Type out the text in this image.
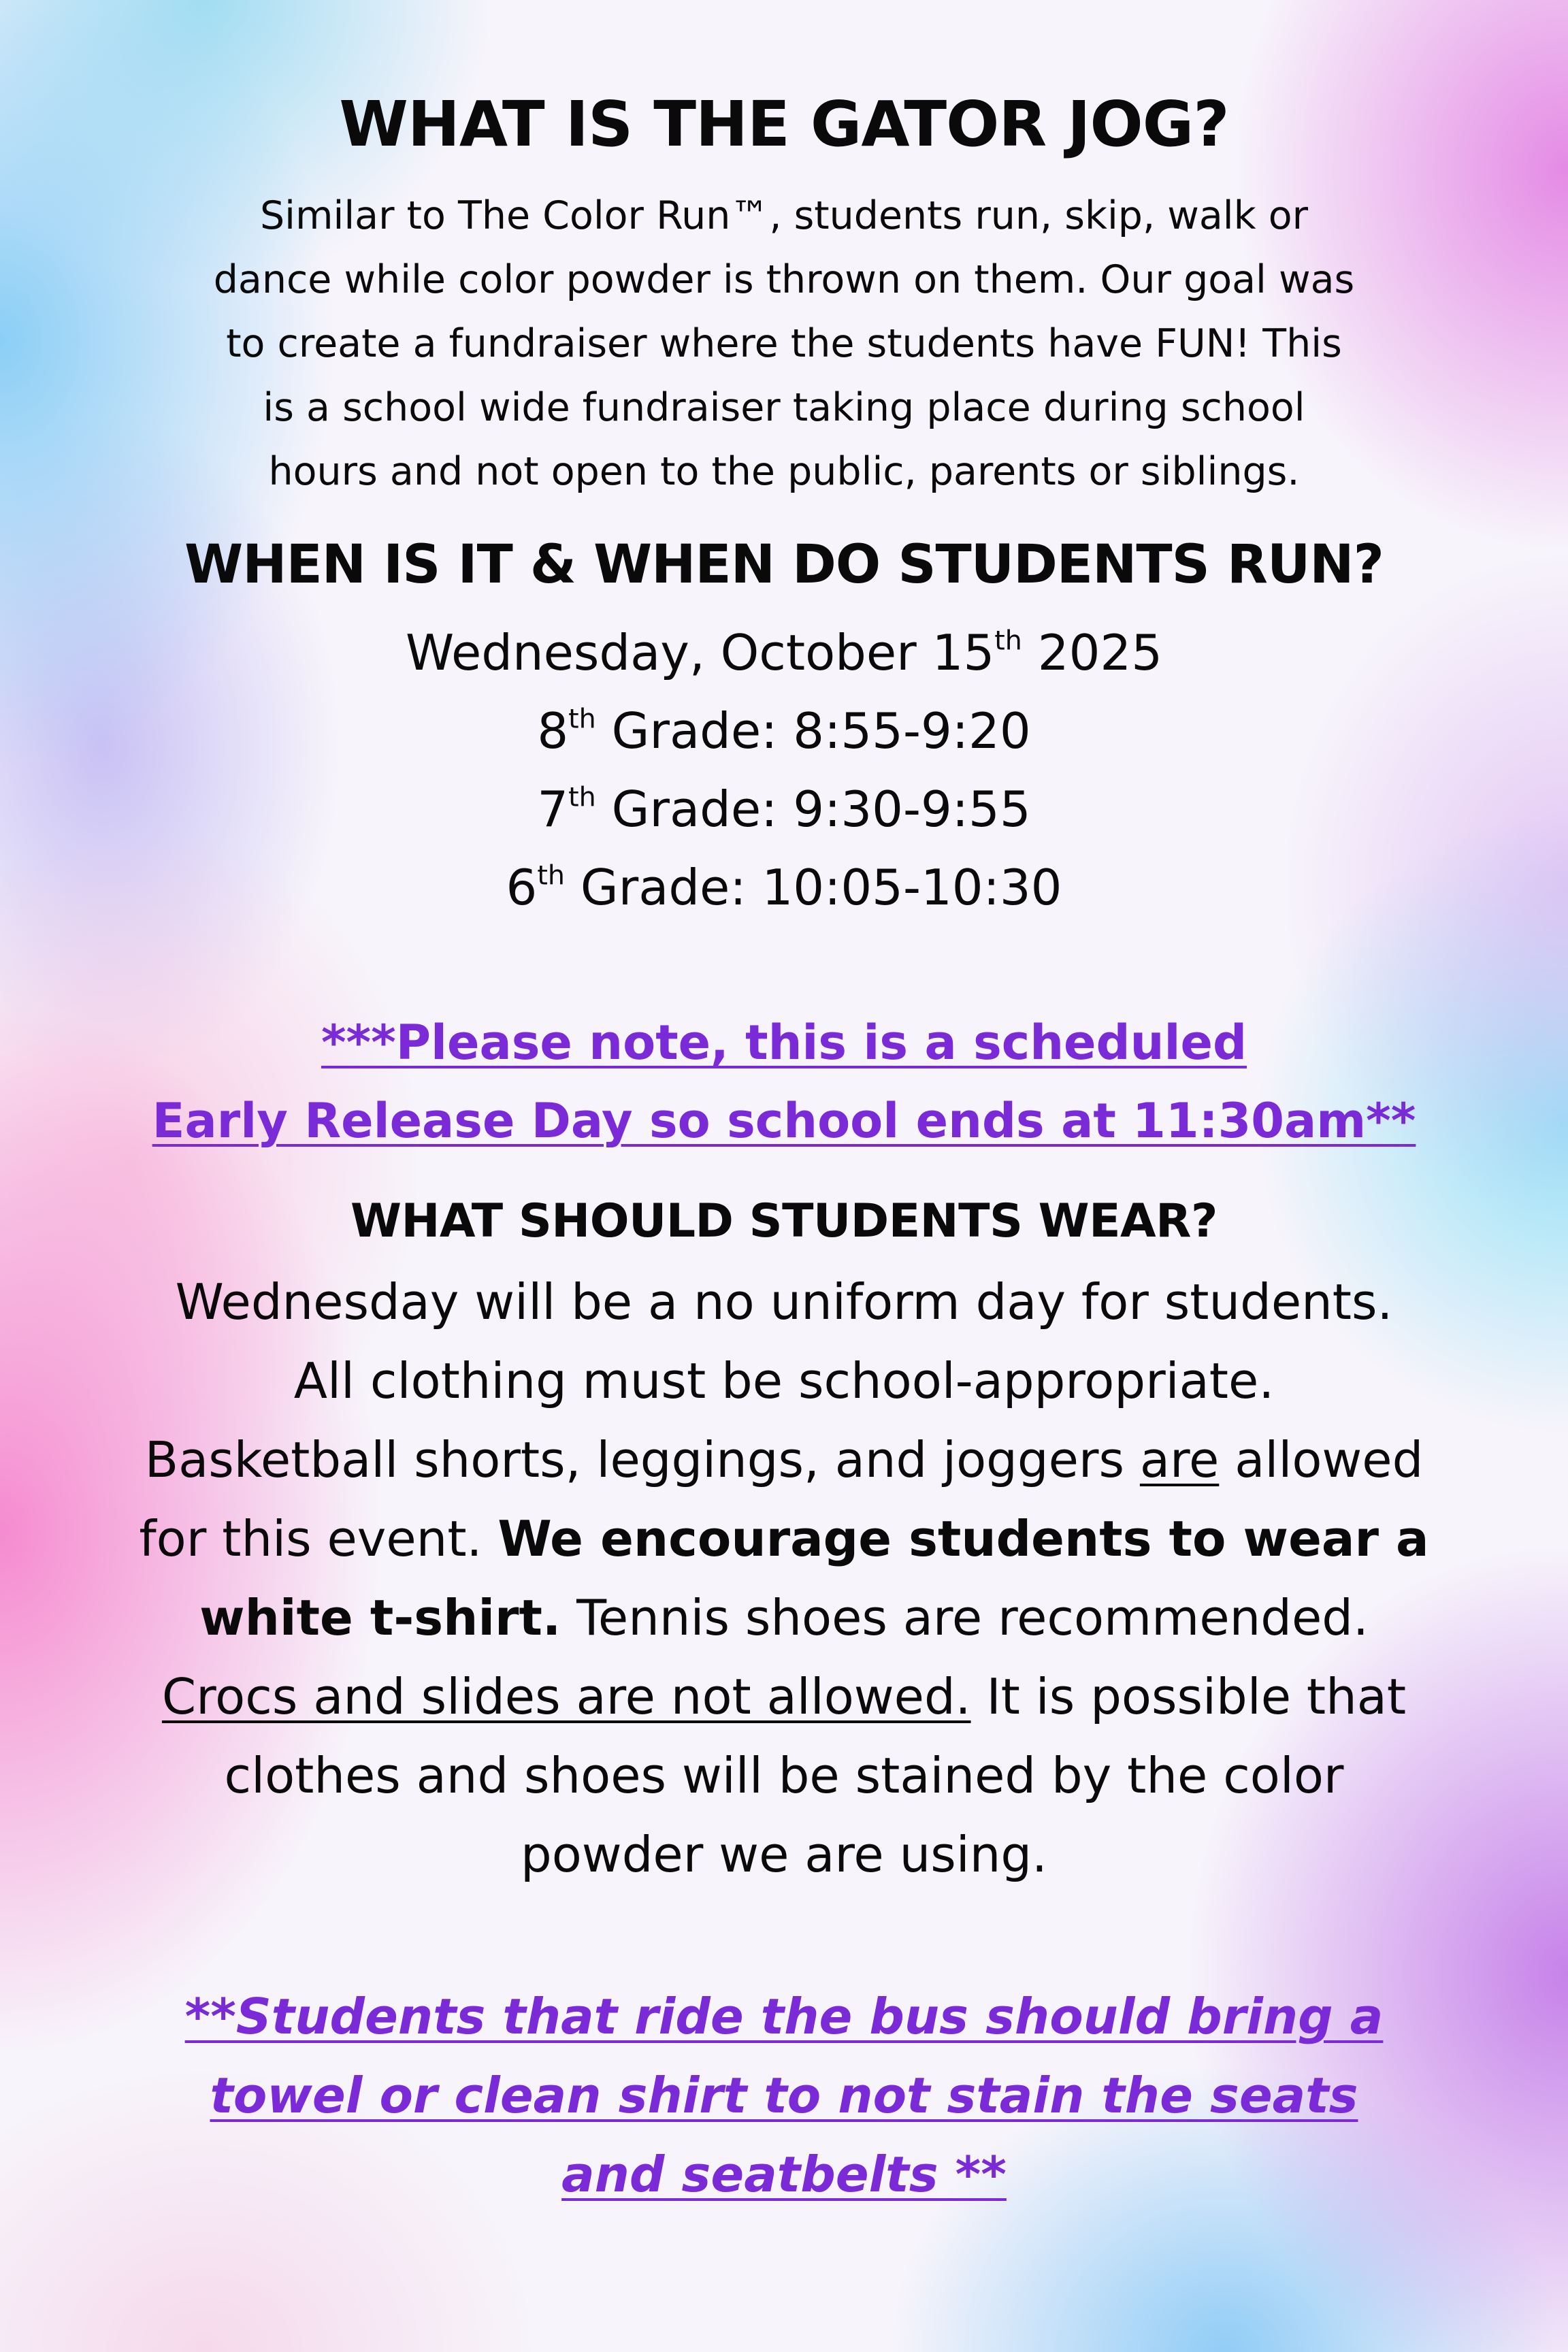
WHAT IS THE GATOR JOG?
Similar to The Color Run™, students run, skip, walk or
dance while color powder is thrown on them. Our goal was
to create a fundraiser where the students have FUN! This
is a school wide fundraiser taking place during school
hours and not open to the public, parents or siblings.
WHEN IS IT & WHEN DO STUDENTS RUN?
Wednesday, October 15th 2025
8th Grade: 8:55-9:20
7th Grade: 9:30-9:55
6th Grade: 10:05-10:30
***Please note, this is a scheduled
Early Release Day so school ends at 11:30am**
WHAT SHOULD STUDENTS WEAR?
Wednesday will be a no uniform day for students.
All clothing must be school-appropriate.
Basketball shorts, leggings, and joggers are allowed
for this event. We encourage students to wear a
white t-shirt. Tennis shoes are recommended.
Crocs and slides are not allowed. It is possible that
clothes and shoes will be stained by the color
powder we are using.
**Students that ride the bus should bring a
towel or clean shirt to not stain the seats
and seatbelts **
